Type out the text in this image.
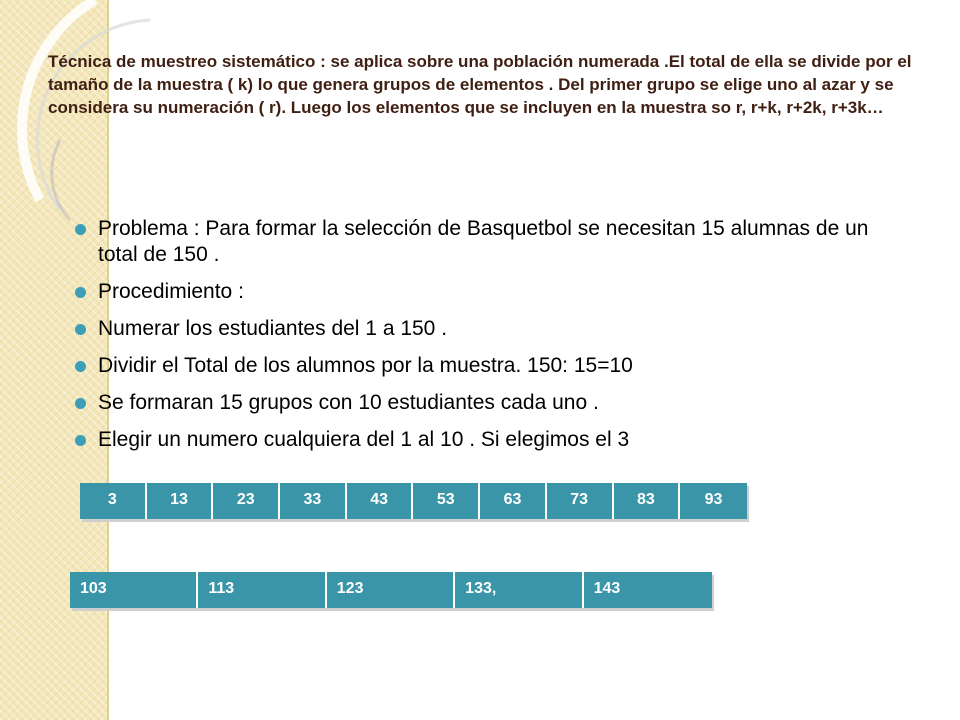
Técnica de muestreo sistemático : se aplica sobre una población numerada .El total de ella se divide por el tamaño de la muestra ( k) lo que genera grupos de elementos . Del primer grupo se elige uno al azar y se considera su numeración ( r). Luego los elementos que se incluyen en la muestra so r, r+k, r+2k, r+3k…

Problema : Para formar la selección de Basquetbol se necesitan 15 alumnas de un total de 150 .
Procedimiento :
Numerar los estudiantes del 1 a 150 .
Dividir el Total de los alumnos por la muestra. 150: 15=10
Se formaran 15 grupos con 10 estudiantes cada uno .
Elegir un numero cualquiera del 1 al 10 . Si elegimos el 3
3	13	23	33	43	53	63	73	83	93
103	113	123	133,	143
